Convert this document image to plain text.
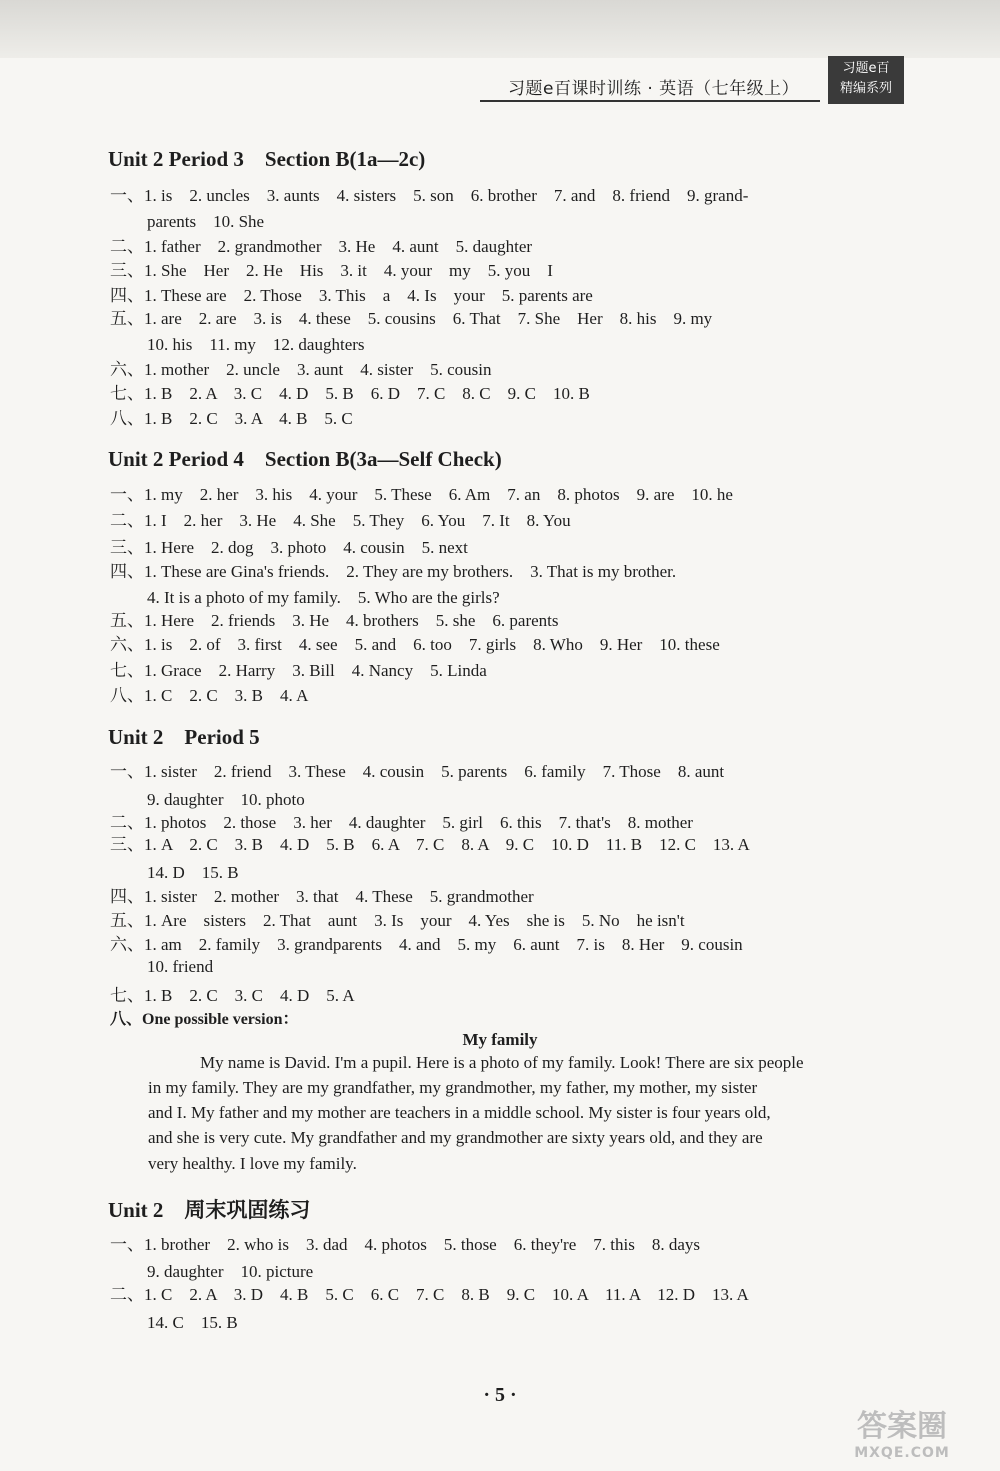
习题e百课时训练 · 英语（七年级上）
习题e百
精编系列
Unit 2 Period 3　Section B(1a—2c)
一、1. is　2. uncles　3. aunts　4. sisters　5. son　6. brother　7. and　8. friend　9. grand-
parents　10. She
二、1. father　2. grandmother　3. He　4. aunt　5. daughter
三、1. She　Her　2. He　His　3. it　4. your　my　5. you　I
四、1. These are　2. Those　3. This　a　4. Is　your　5. parents are
五、1. are　2. are　3. is　4. these　5. cousins　6. That　7. She　Her　8. his　9. my
10. his　11. my　12. daughters
六、1. mother　2. uncle　3. aunt　4. sister　5. cousin
七、1. B　2. A　3. C　4. D　5. B　6. D　7. C　8. C　9. C　10. B
八、1. B　2. C　3. A　4. B　5. C
Unit 2 Period 4　Section B(3a—Self Check)
一、1. my　2. her　3. his　4. your　5. These　6. Am　7. an　8. photos　9. are　10. he
二、1. I　2. her　3. He　4. She　5. They　6. You　7. It　8. You
三、1. Here　2. dog　3. photo　4. cousin　5. next
四、1. These are Gina's friends.　2. They are my brothers.　3. That is my brother.
4. It is a photo of my family.　5. Who are the girls?
五、1. Here　2. friends　3. He　4. brothers　5. she　6. parents
六、1. is　2. of　3. first　4. see　5. and　6. too　7. girls　8. Who　9. Her　10. these
七、1. Grace　2. Harry　3. Bill　4. Nancy　5. Linda
八、1. C　2. C　3. B　4. A
Unit 2　Period 5
一、1. sister　2. friend　3. These　4. cousin　5. parents　6. family　7. Those　8. aunt
9. daughter　10. photo
二、1. photos　2. those　3. her　4. daughter　5. girl　6. this　7. that's　8. mother
三、1. A　2. C　3. B　4. D　5. B　6. A　7. C　8. A　9. C　10. D　11. B　12. C　13. A
14. D　15. B
四、1. sister　2. mother　3. that　4. These　5. grandmother
五、1. Are　sisters　2. That　aunt　3. Is　your　4. Yes　she is　5. No　he isn't
六、1. am　2. family　3. grandparents　4. and　5. my　6. aunt　7. is　8. Her　9. cousin
10. friend
七、1. B　2. C　3. C　4. D　5. A
八、One possible version：
My family
My name is David. I'm a pupil. Here is a photo of my family. Look! There are six people
in my family. They are my grandfather, my grandmother, my father, my mother, my sister
and I. My father and my mother are teachers in a middle school. My sister is four years old,
and she is very cute. My grandfather and my grandmother are sixty years old, and they are
very healthy. I love my family.
Unit 2　周末巩固练习
一、1. brother　2. who is　3. dad　4. photos　5. those　6. they're　7. this　8. days
9. daughter　10. picture
二、1. C　2. A　3. D　4. B　5. C　6. C　7. C　8. B　9. C　10. A　11. A　12. D　13. A
14. C　15. B
· 5 ·
答案圈
MXQE.COM
